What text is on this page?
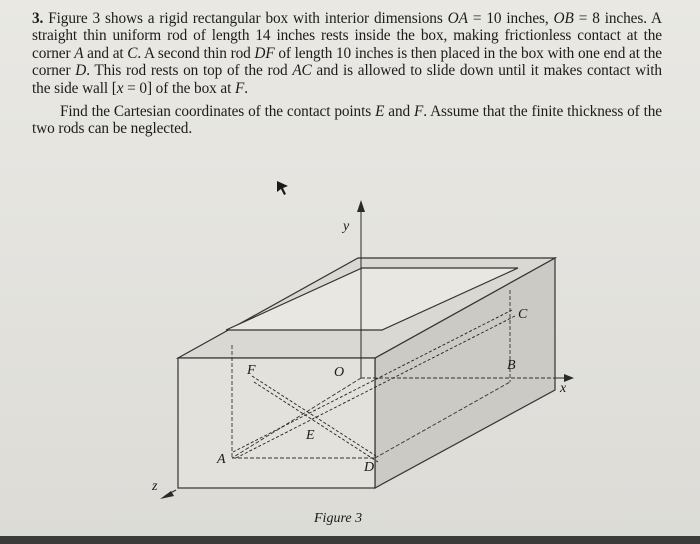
3. Figure 3 shows a rigid rectangular box with interior dimensions OA = 10 inches, OB = 8 inches. A straight thin uniform rod of length 14 inches rests inside the box, making frictionless contact at the corner A and at C. A second thin rod DF of length 10 inches is then placed in the box with one end at the corner D. This rod rests on top of the rod AC and is allowed to slide down until it makes contact with the side wall [x = 0] of the box at F.

Find the Cartesian coordinates of the contact points E and F. Assume that the finite thickness of the two rods can be neglected.

y
x
z
O
A
B
C
D
E
F
Figure 3
